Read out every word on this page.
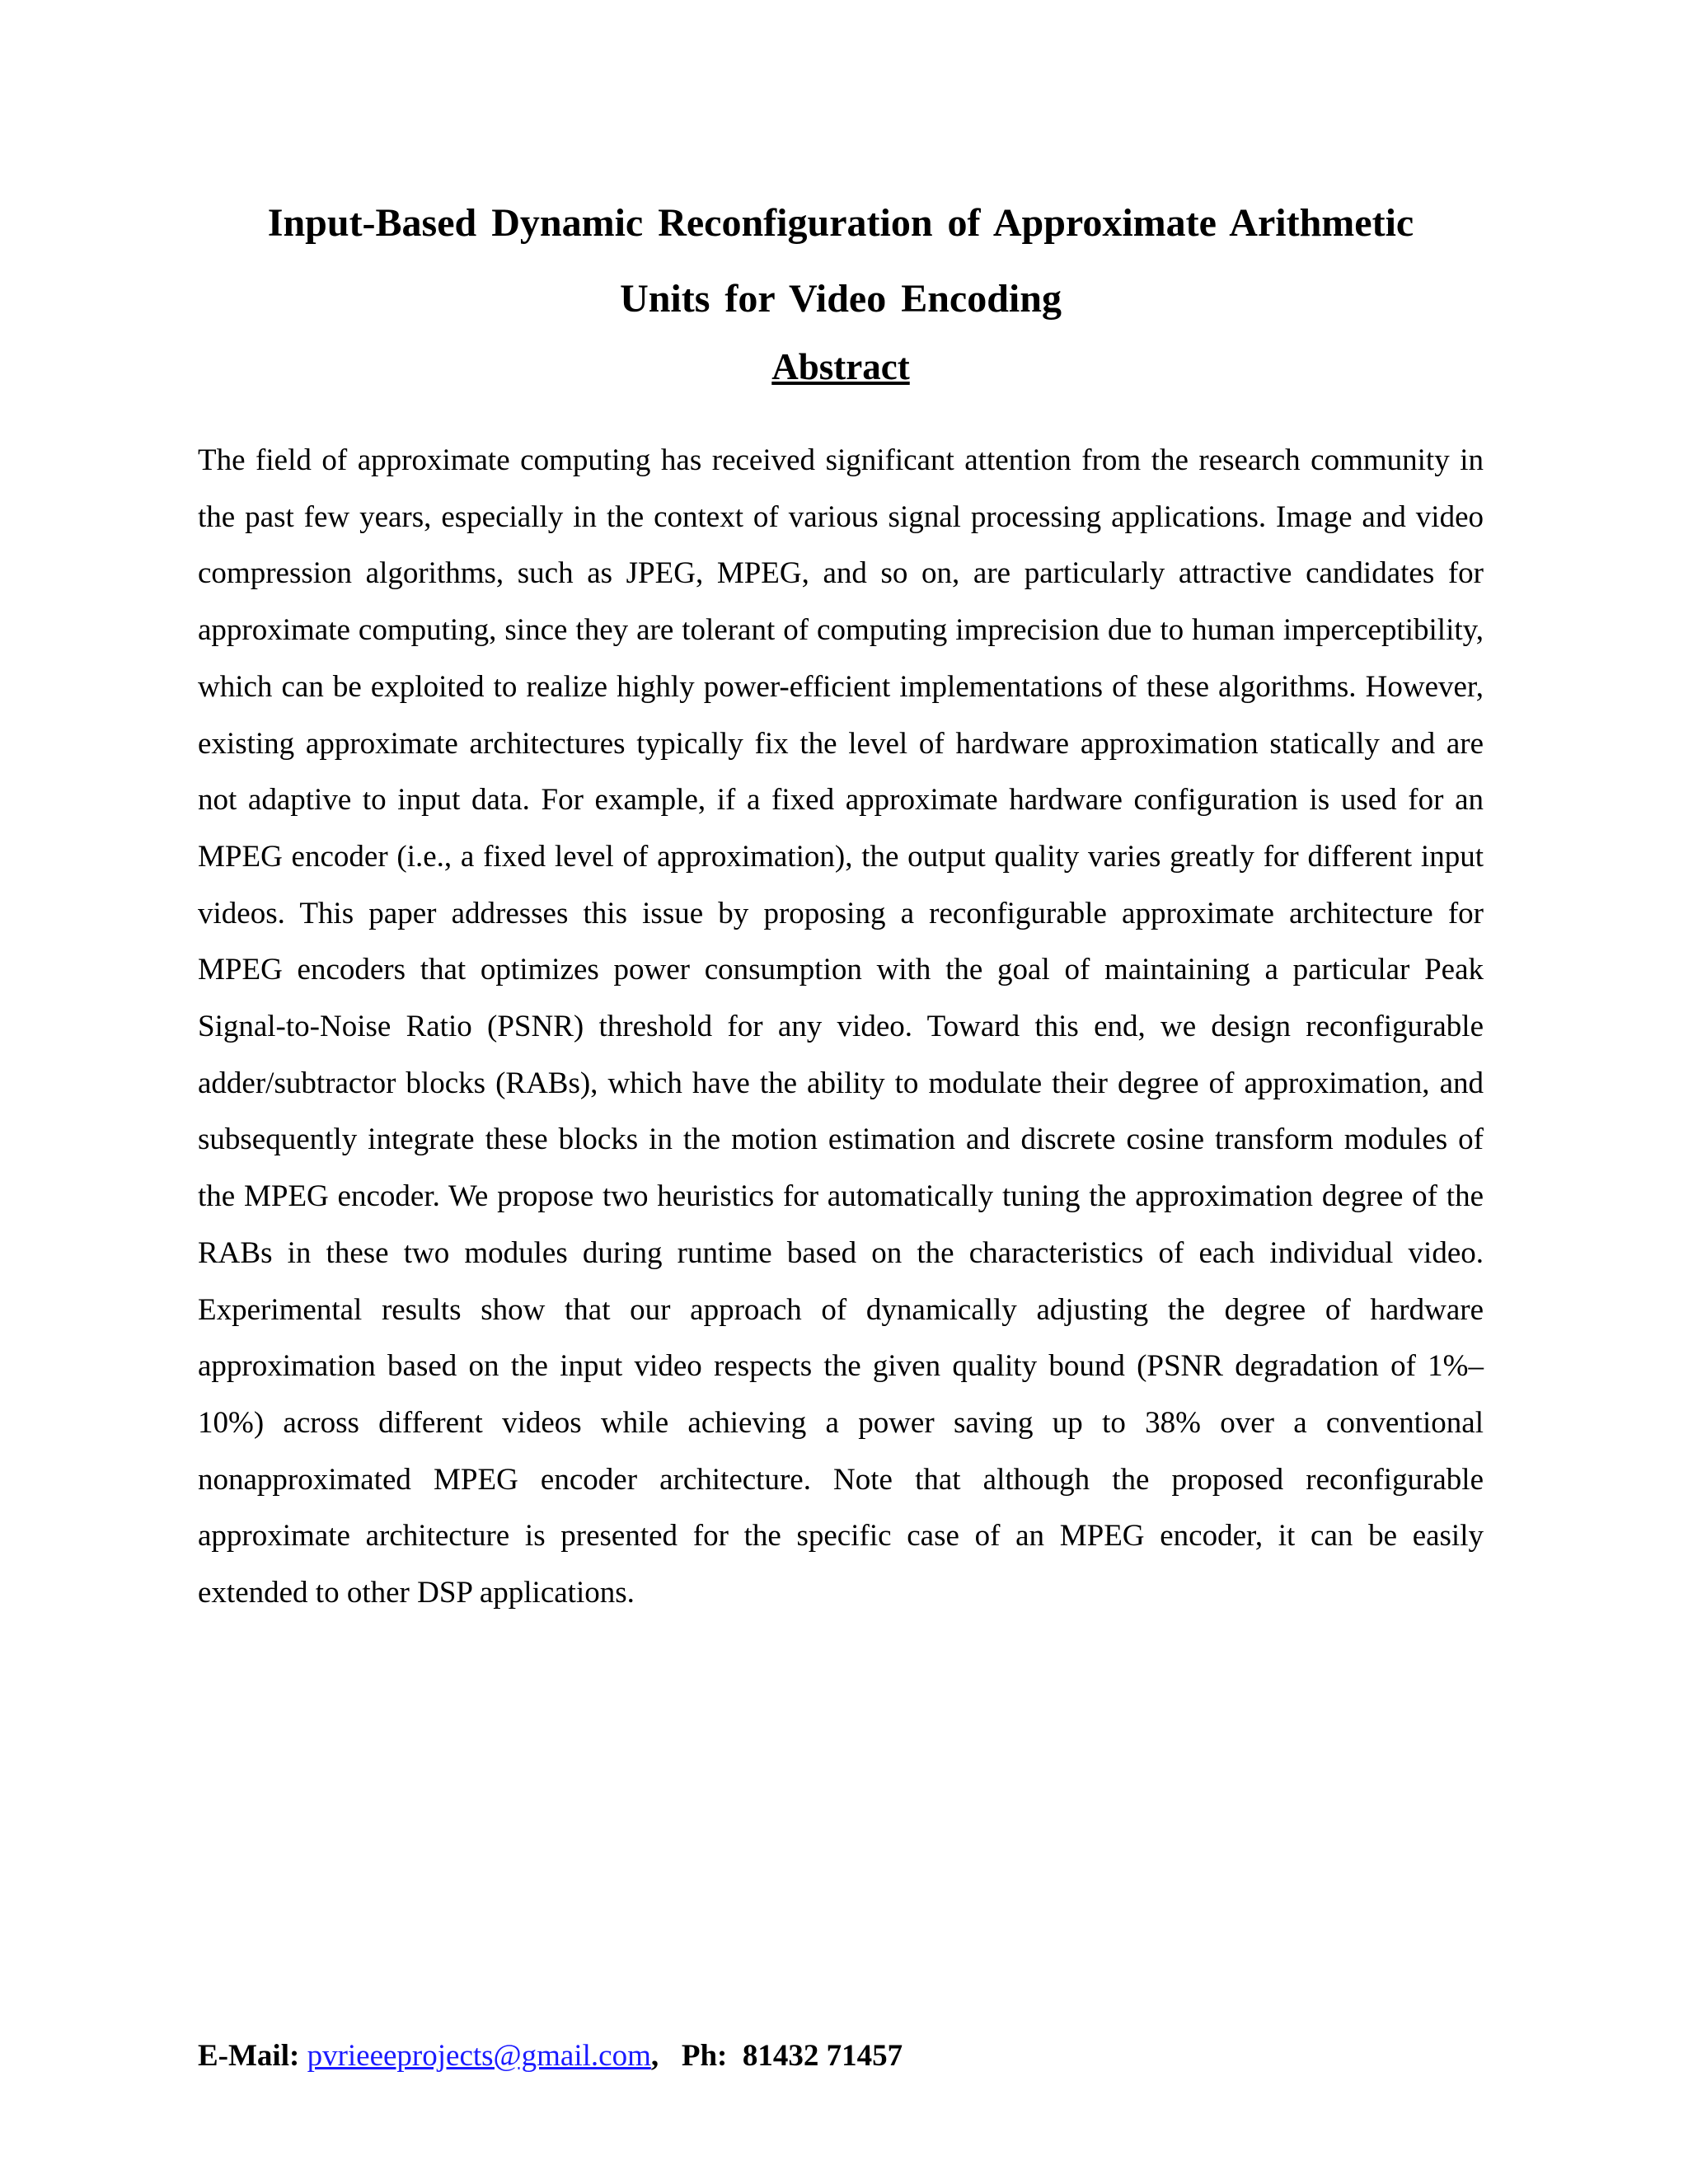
Input-Based Dynamic Reconfiguration of Approximate Arithmetic
Units for Video Encoding
Abstract

The field of approximate computing has received significant attention from the research community in the past few years, especially in the context of various signal processing applications. Image and video compression algorithms, such as JPEG, MPEG, and so on, are particularly attractive candidates for approximate computing, since they are tolerant of computing imprecision due to human imperceptibility, which can be exploited to realize highly power-efficient implementations of these algorithms. However, existing approximate architectures typically fix the level of hardware approximation statically and are not adaptive to input data. For example, if a fixed approximate hardware configuration is used for an MPEG encoder (i.e., a fixed level of approximation), the output quality varies greatly for different input videos. This paper addresses this issue by proposing a reconfigurable approximate architecture for MPEG encoders that optimizes power consumption with the goal of maintaining a particular Peak Signal-to-Noise Ratio (PSNR) threshold for any video. Toward this end, we design reconfigurable adder/subtractor blocks (RABs), which have the ability to modulate their degree of approximation, and subsequently integrate these blocks in the motion estimation and discrete cosine transform modules of the MPEG encoder. We propose two heuristics for automatically tuning the approximation degree of the RABs in these two modules during runtime based on the characteristics of each individual video. Experimental results show that our approach of dynamically adjusting the degree of hardware approximation based on the input video respects the given quality bound (PSNR degradation of 1%–10%) across different videos while achieving a power saving up to 38% over a conventional nonapproximated MPEG encoder architecture. Note that although the proposed reconfigurable approximate architecture is presented for the specific case of an MPEG encoder, it can be easily extended to other DSP applications.

E-Mail: pvrieeeprojects@gmail.com, Ph: 81432 71457
